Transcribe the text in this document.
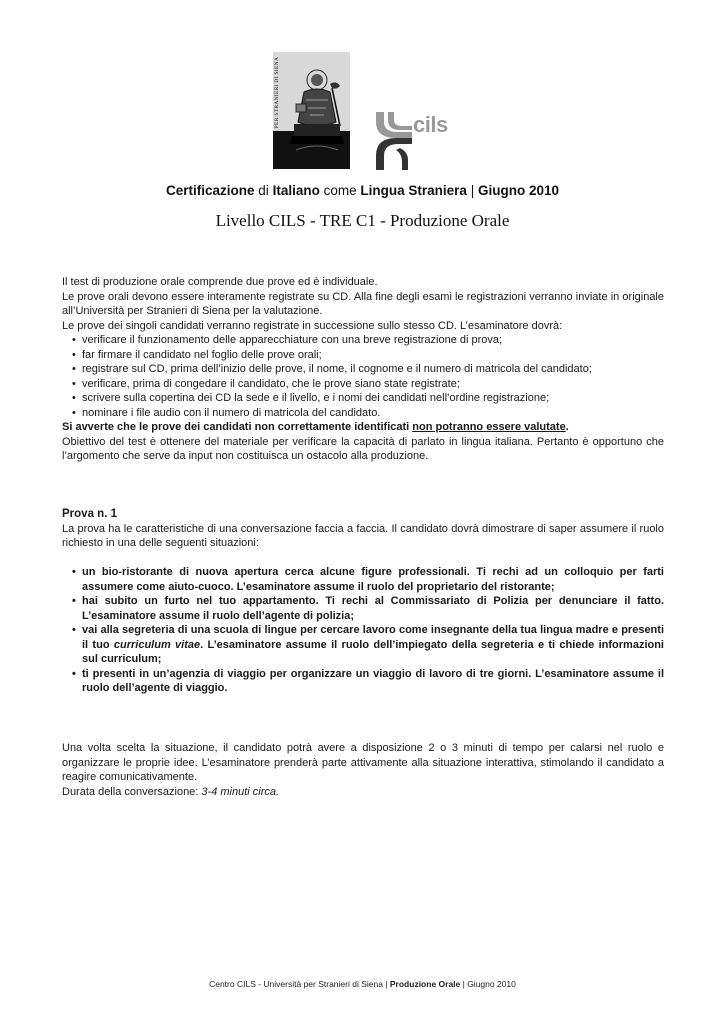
UNIVERSITÀ PER STRANIERI DI SIENA	cils
Certificazione di Italiano come Lingua Straniera | Giugno 2010
Livello CILS - TRE C1 - Produzione Orale

Il test di produzione orale comprende due prove ed è individuale.

Le prove orali devono essere interamente registrate su CD. Alla fine degli esami le registrazioni verranno inviate in originale all’Università per Stranieri di Siena per la valutazione.

Le prove dei singoli candidati verranno registrate in successione sullo stesso CD. L’esaminatore dovrà:

• verificare il funzionamento delle apparecchiature con una breve registrazione di prova;
• far firmare il candidato nel foglio delle prove orali;
• registrare sul CD, prima dell’inizio delle prove, il nome, il cognome e il numero di matricola del candidato;
• verificare, prima di congedare il candidato, che le prove siano state registrate;
• scrivere sulla copertina dei CD la sede e il livello, e i nomi dei candidati nell’ordine registrazione;
• nominare i file audio con il numero di matricola del candidato.

Si avverte che le prove dei candidati non correttamente identificati non potranno essere valutate.

Obiettivo del test è ottenere del materiale per verificare la capacità di parlato in lingua italiana. Pertanto è opportuno che l’argomento che serve da input non costituisca un ostacolo alla produzione.

Prova n. 1

La prova ha le caratteristiche di una conversazione faccia a faccia. Il candidato dovrà dimostrare di saper assumere il ruolo richiesto in una delle seguenti situazioni:

• un bio-ristorante di nuova apertura cerca alcune figure professionali. Ti rechi ad un colloquio per farti assumere come aiuto-cuoco. L’esaminatore assume il ruolo del proprietario del ristorante;
• hai subito un furto nel tuo appartamento. Ti rechi al Commissariato di Polizia per denunciare il fatto. L’esaminatore assume il ruolo dell’agente di polizia;
• vai alla segreteria di una scuola di lingue per cercare lavoro come insegnante della tua lingua madre e presenti il tuo curriculum vitae. L’esaminatore assume il ruolo dell’impiegato della segreteria e ti chiede informazioni sul curriculum;
• ti presenti in un’agenzia di viaggio per organizzare un viaggio di lavoro di tre giorni. L’esaminatore assume il ruolo dell’agente di viaggio.

Una volta scelta la situazione, il candidato potrà avere a disposizione 2 o 3 minuti di tempo per calarsi nel ruolo e organizzare le proprie idee. L’esaminatore prenderà parte attivamente alla situazione interattiva, stimolando il candidato a reagire comunicativamente.

Durata della conversazione: 3-4 minuti circa.

Centro CILS - Università per Stranieri di Siena | Produzione Orale | Giugno 2010
